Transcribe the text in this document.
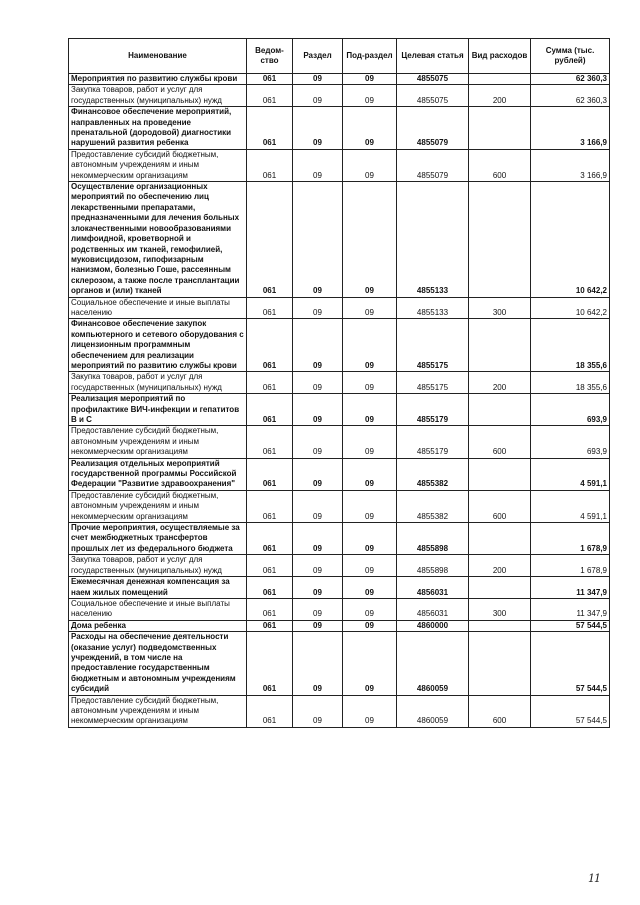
Наименование	Ведом-ство	Раздел	Под-раздел	Целевая статья	Вид расходов	Сумма (тыс. рублей)
Мероприятия по развитию службы крови	061	09	09	4855075		62 360,3
Закупка товаров, работ и услуг для государственных (муниципальных) нужд	061	09	09	4855075	200	62 360,3
Финансовое обеспечение мероприятий, направленных на проведение пренатальной (дородовой) диагностики нарушений развития ребенка	061	09	09	4855079		3 166,9
Предоставление субсидий бюджетным, автономным учреждениям и иным некоммерческим организациям	061	09	09	4855079	600	3 166,9
Осуществление организационных мероприятий по обеспечению лиц лекарственными препаратами, предназначенными для лечения больных злокачественными новообразованиями лимфоидной, кроветворной и родственных им тканей, гемофилией, муковисцидозом, гипофизарным нанизмом, болезнью Гоше, рассеянным склерозом, а также после трансплантации органов и (или) тканей	061	09	09	4855133		10 642,2
Социальное обеспечение и иные выплаты населению	061	09	09	4855133	300	10 642,2
Финансовое обеспечение закупок компьютерного и сетевого оборудования с лицензионным программным обеспечением для реализации мероприятий по развитию службы крови	061	09	09	4855175		18 355,6
Закупка товаров, работ и услуг для государственных (муниципальных) нужд	061	09	09	4855175	200	18 355,6
Реализация мероприятий по профилактике ВИЧ-инфекции и гепатитов В и С	061	09	09	4855179		693,9
Предоставление субсидий бюджетным, автономным учреждениям и иным некоммерческим организациям	061	09	09	4855179	600	693,9
Реализация отдельных мероприятий государственной программы Российской Федерации "Развитие здравоохранения"	061	09	09	4855382		4 591,1
Предоставление субсидий бюджетным, автономным учреждениям и иным некоммерческим организациям	061	09	09	4855382	600	4 591,1
Прочие мероприятия, осуществляемые за счет межбюджетных трансфертов прошлых лет из федерального бюджета	061	09	09	4855898		1 678,9
Закупка товаров, работ и услуг для государственных (муниципальных) нужд	061	09	09	4855898	200	1 678,9
Ежемесячная денежная компенсация за наем жилых помещений	061	09	09	4856031		11 347,9
Социальное обеспечение и иные выплаты населению	061	09	09	4856031	300	11 347,9
Дома ребенка	061	09	09	4860000		57 544,5
Расходы на обеспечение деятельности (оказание услуг) подведомственных учреждений, в том числе на предоставление государственным бюджетным и автономным учреждениям субсидий	061	09	09	4860059		57 544,5
Предоставление субсидий бюджетным, автономным учреждениям и иным некоммерческим организациям	061	09	09	4860059	600	57 544,5
11
